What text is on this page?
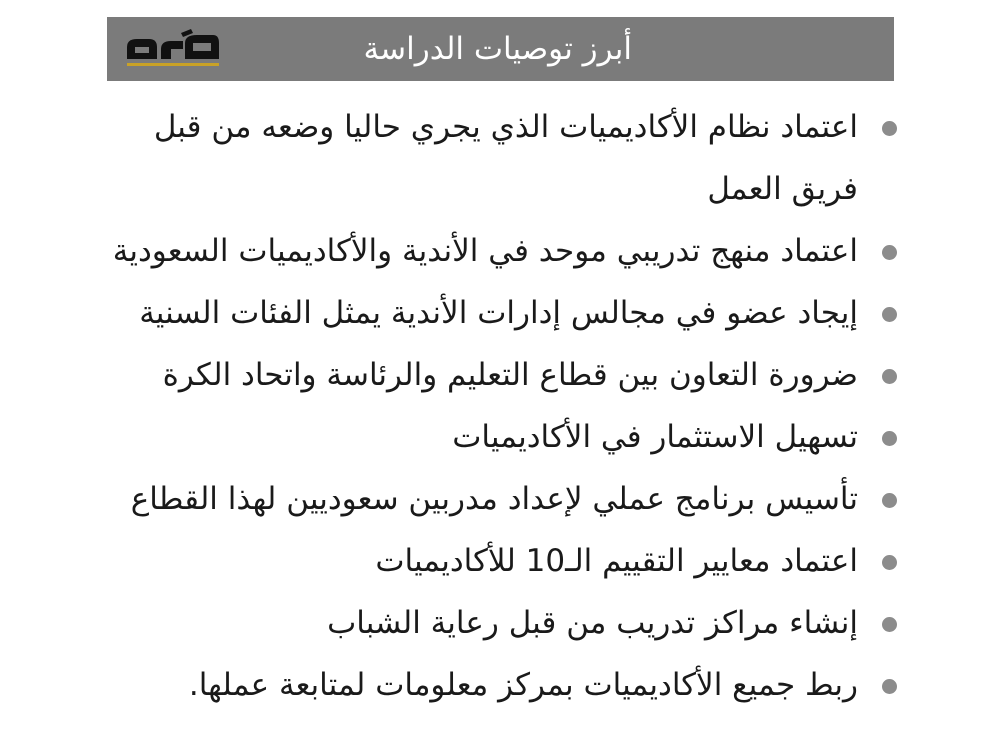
أبرز توصيات الدراسة
اعتماد نظام الأكاديميات الذي يجري حاليا وضعه من قبل فريق العمل
اعتماد منهج تدريبي موحد في الأندية والأكاديميات السعودية
إيجاد عضو في مجالس إدارات الأندية يمثل الفئات السنية
ضرورة التعاون بين قطاع التعليم والرئاسة واتحاد الكرة
تسهيل الاستثمار في الأكاديميات
تأسيس برنامج عملي لإعداد مدربين سعوديين لهذا القطاع
اعتماد معايير التقييم الـ10 للأكاديميات
إنشاء مراكز تدريب من قبل رعاية الشباب
ربط جميع الأكاديميات بمركز معلومات لمتابعة عملها.
